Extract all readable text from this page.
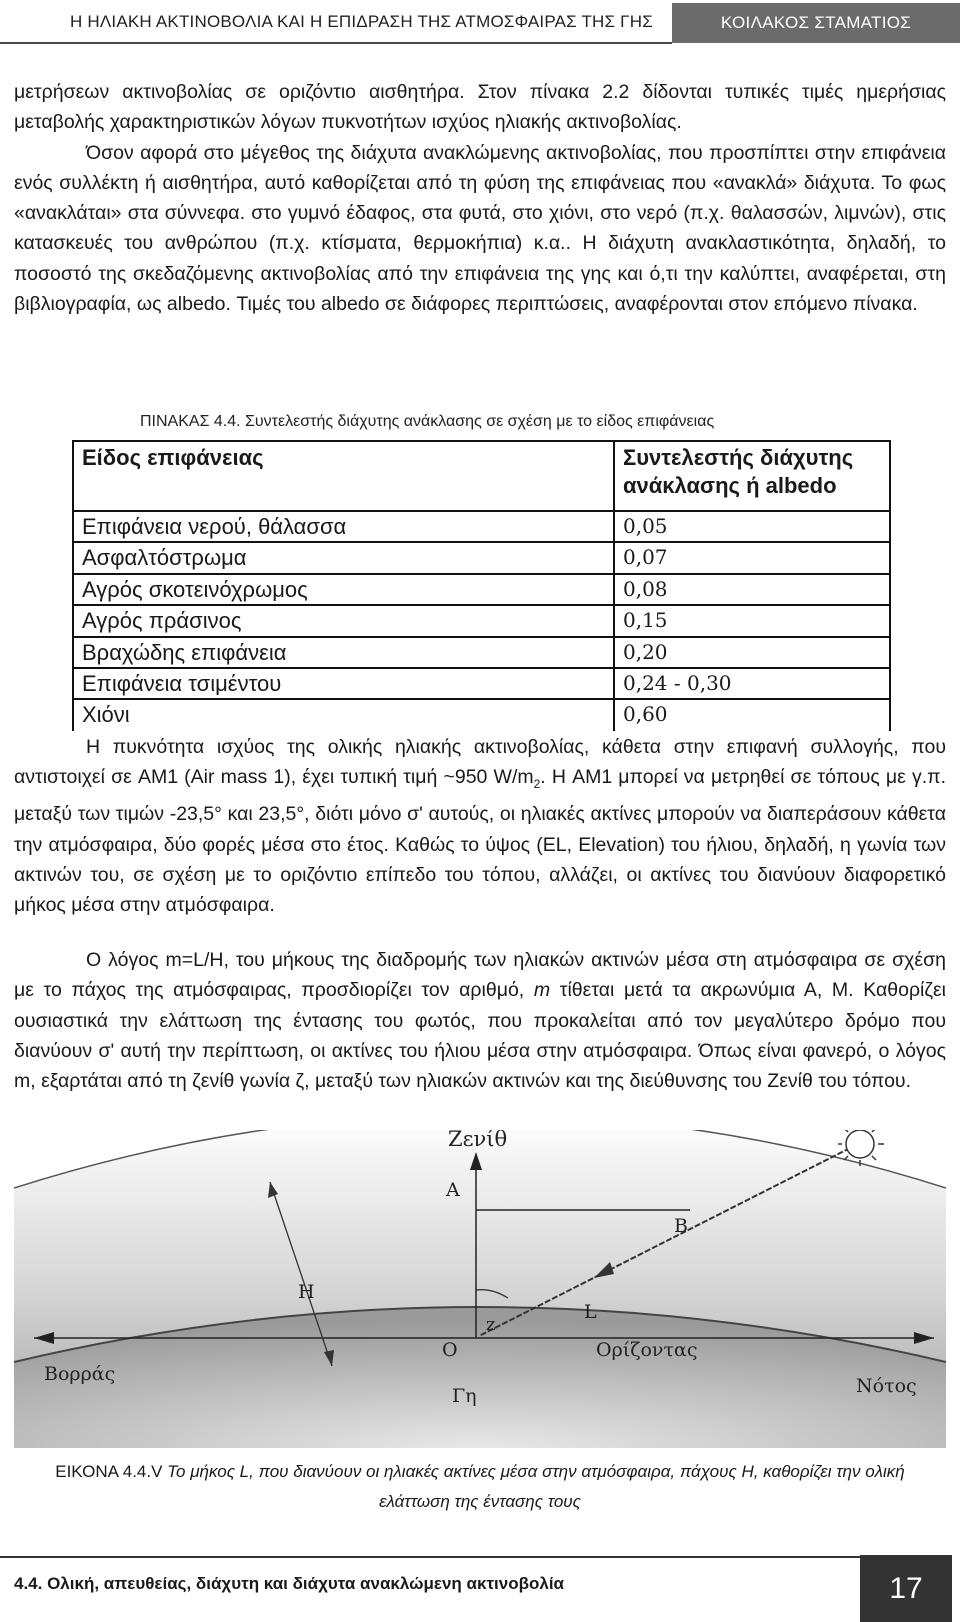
Η ΗΛΙΑΚΗ ΑΚΤΙΝΟΒΟΛΙΑ ΚΑΙ Η ΕΠΙΔΡΑΣΗ ΤΗΣ ΑΤΜΟΣΦΑΙΡΑΣ ΤΗΣ ΓΗΣ	ΚΟΙΛΑΚΟΣ ΣΤΑΜΑΤΙΟΣ

μετρήσεων ακτινοβολίας σε οριζόντιο αισθητήρα. Στον πίνακα 2.2 δίδονται τυπικές τιμές ημερήσιας μεταβολής χαρακτηριστικών λόγων πυκνοτήτων ισχύος ηλιακής ακτινοβολίας.

Όσον αφορά στο μέγεθος της διάχυτα ανακλώμενης ακτινοβολίας, που προσπίπτει στην επιφάνεια ενός συλλέκτη ή αισθητήρα, αυτό καθορίζεται από τη φύση της επιφάνειας που «ανακλά» διάχυτα. Το φως «ανακλάται» στα σύννεφα. στο γυμνό έδαφος, στα φυτά, στο χιόνι, στο νερό (π.χ. θαλασσών, λιμνών), στις κατασκευές του ανθρώπου (π.χ. κτίσματα, θερμοκήπια) κ.α.. Η διάχυτη ανακλαστικότητα, δηλαδή, το ποσοστό της σκεδαζόμενης ακτινοβολίας από την επιφάνεια της γης και ό,τι την καλύπτει, αναφέρεται, στη βιβλιογραφία, ως albedo. Τιμές του albedo σε διάφορες περιπτώσεις, αναφέρονται στον επόμενο πίνακα.

ΠΙΝΑΚΑΣ 4.4. Συντελεστής διάχυτης ανάκλασης σε σχέση με το είδος επιφάνειας
Είδος επιφάνειας	Συντελεστής διάχυτης
ανάκλασης ή albedo
Επιφάνεια νερού, θάλασσα	0,05
Ασφαλτόστρωμα	0,07
Αγρός σκοτεινόχρωμος	0,08
Αγρός πράσινος	0,15
Βραχώδης επιφάνεια	0,20
Επιφάνεια τσιμέντου	0,24 - 0,30
Χιόνι	0,60
Η πυκνότητα ισχύος της ολικής ηλιακής ακτινοβολίας, κάθετα στην επιφανή συλλογής, που αντιστοιχεί σε AM1 (Air mass 1), έχει τυπική τιμή ~950 $W/m_2$. Η AM1 μπορεί να μετρηθεί σε τόπους με γ.π. μεταξύ των τιμών -23,5° και 23,5°, διότι μόνο σ' αυτούς, οι ηλιακές ακτίνες μπορούν να διαπεράσουν κάθετα την ατμόσφαιρα, δύο φορές μέσα στο έτος. Καθώς το ύψος (EL, Elevation) του ήλιου, δηλαδή, η γωνία των ακτινών του, σε σχέση με το οριζόντιο επίπεδο του τόπου, αλλάζει, οι ακτίνες του διανύουν διαφορετικό μήκος μέσα στην ατμόσφαιρα.
Ο λόγος m=L/H, του μήκους της διαδρομής των ηλιακών ακτινών μέσα στη ατμόσφαιρα σε σχέση με το πάχος της ατμόσφαιρας, προσδιορίζει τον αριθμό, m τίθεται μετά τα ακρωνύμια Α, Μ. Καθορίζει ουσιαστικά την ελάττωση της έντασης του φωτός, που προκαλείται από τον μεγαλύτερο δρόμο που διανύουν σ' αυτή την περίπτωση, οι ακτίνες του ήλιου μέσα στην ατμόσφαιρα. Όπως είναι φανερό, ο λόγος m, εξαρτάται από τη ζενίθ γωνία ζ, μεταξύ των ηλιακών ακτινών και της διεύθυνσης του Ζενίθ του τόπου.
Ζενίθ
A
B
H
z
L
O	Ορίζοντας
Βορράς
Νότος
Γη
ΕΙΚΟΝΑ 4.4.V Το μήκος L, που διανύουν οι ηλιακές ακτίνες μέσα στην ατμόσφαιρα, πάχους H, καθορίζει την ολική ελάττωση της έντασης τους
4.4. Ολική, απευθείας, διάχυτη και διάχυτα ανακλώμενη ακτινοβολία	17
